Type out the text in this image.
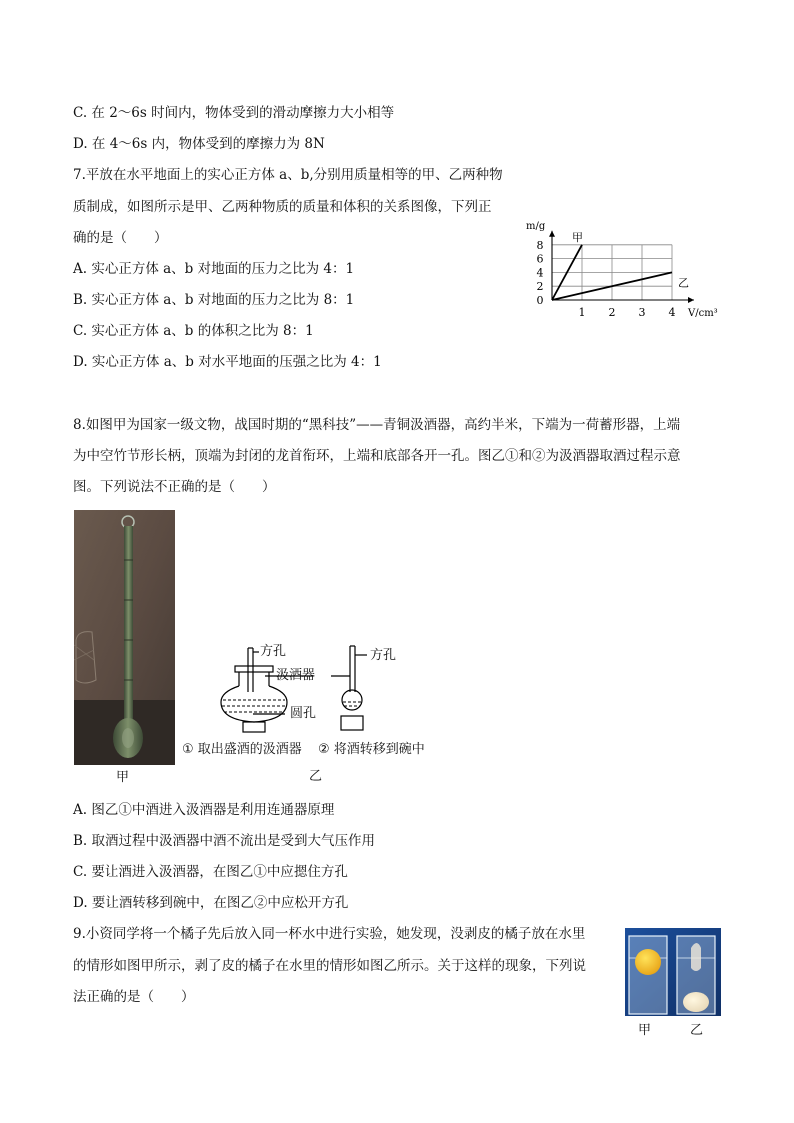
C. 在 2～6s 时间内，物体受到的滑动摩擦力大小相等
D. 在 4～6s 内，物体受到的摩擦力为 8N
7.平放在水平地面上的实心正方体 a、b,分别用质量相等的甲、乙两种物
质制成，如图所示是甲、乙两种物质的质量和体积的关系图像，下列正
确的是（　　）
A. 实心正方体 a、b 对地面的压力之比为 4：1
B. 实心正方体 a、b 对地面的压力之比为 8：1
C. 实心正方体 a、b 的体积之比为 8：1
D. 实心正方体 a、b 对水平地面的压强之比为 4：1
1 2 3 4
2
4
6
8
0
m/g
V/cm³
甲
乙
8.如图甲为国家一级文物，战国时期的“黑科技”——青铜汲酒器，高约半米，下端为一荷蓄形器，上端
为中空竹节形长柄，顶端为封闭的龙首衔环，上端和底部各开一孔。图乙①和②为汲酒器取酒过程示意
图。下列说法不正确的是（　　）
甲
方孔
汲酒器
方孔
圆孔
① 取出盛酒的汲酒器 ② 将酒转移到碗中
乙
A. 图乙①中酒进入汲酒器是利用连通器原理
B. 取酒过程中汲酒器中酒不流出是受到大气压作用
C. 要让酒进入汲酒器，在图乙①中应摁住方孔
D. 要让酒转移到碗中，在图乙②中应松开方孔
9.小资同学将一个橘子先后放入同一杯水中进行实验，她发现，没剥皮的橘子放在水里
的情形如图甲所示，剥了皮的橘子在水里的情形如图乙所示。关于这样的现象，下列说
法正确的是（　　）
甲	乙
